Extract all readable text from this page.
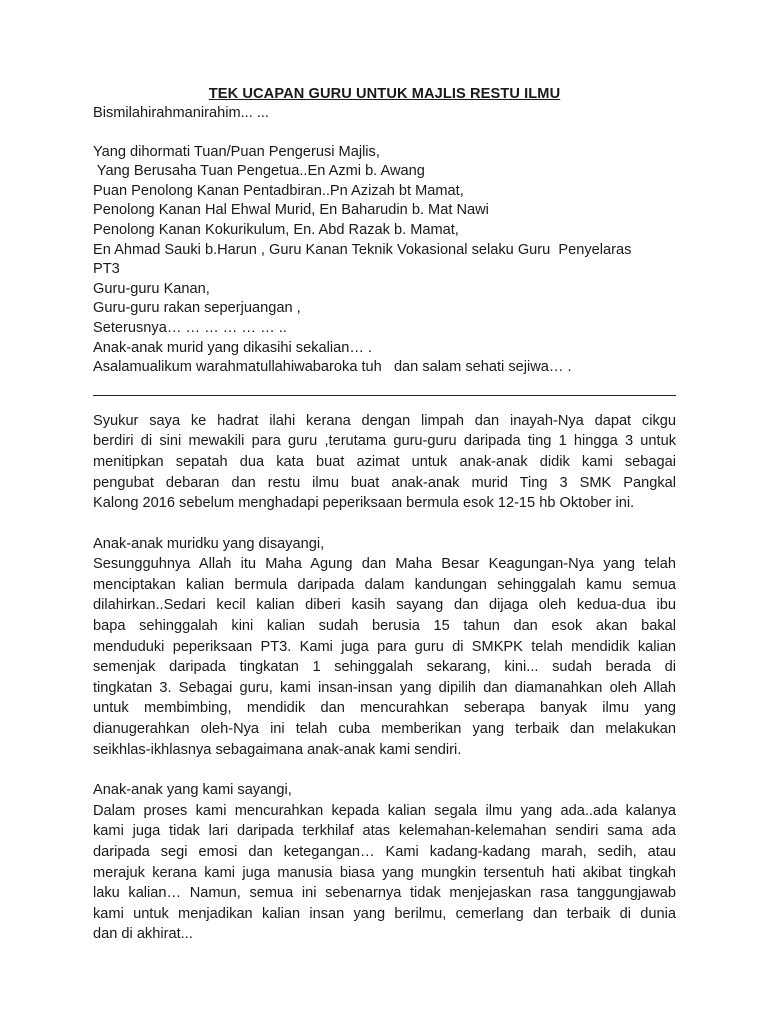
TEK UCAPAN GURU UNTUK MAJLIS RESTU ILMU

Bismilahirahmanirahim... ...
Yang dihormati Tuan/Puan Pengerusi Majlis,
Yang Berusaha Tuan Pengetua..En Azmi b. Awang
Puan Penolong Kanan Pentadbiran..Pn Azizah bt Mamat,
Penolong Kanan Hal Ehwal Murid, En Baharudin b. Mat Nawi
Penolong Kanan Kokurikulum, En. Abd Razak b. Mamat,
En Ahmad Sauki b.Harun , Guru Kanan Teknik Vokasional selaku Guru  Penyelaras
PT3
Guru-guru Kanan,
Guru-guru rakan seperjuangan ,
Seterusnya… … … … … … ..
Anak-anak murid yang dikasihi sekalian… .
Asalamualikum warahmatullahiwabaroka tuh   dan salam sehati sejiwa… .
Syukur saya ke hadrat ilahi kerana dengan limpah dan inayah-Nya dapat cikgu
berdiri di sini mewakili para guru ,terutama guru-guru daripada ting 1 hingga 3 untuk
menitipkan sepatah dua kata buat azimat untuk anak-anak didik kami sebagai
pengubat debaran dan restu ilmu buat anak-anak murid Ting 3 SMK Pangkal
Kalong 2016 sebelum menghadapi peperiksaan bermula esok 12-15 hb Oktober ini.
Anak-anak muridku yang disayangi,
Sesungguhnya Allah itu Maha Agung dan Maha Besar Keagungan-Nya yang telah
menciptakan kalian bermula daripada dalam kandungan sehinggalah kamu semua
dilahirkan..Sedari kecil kalian diberi kasih sayang dan dijaga oleh kedua-dua ibu
bapa sehinggalah kini kalian sudah berusia 15 tahun dan esok akan bakal
menduduki peperiksaan PT3. Kami juga para guru di SMKPK telah mendidik kalian
semenjak daripada tingkatan 1 sehinggalah sekarang, kini... sudah berada di
tingkatan 3. Sebagai guru, kami insan-insan yang dipilih dan diamanahkan oleh Allah
untuk membimbing, mendidik dan mencurahkan seberapa banyak ilmu yang
dianugerahkan oleh-Nya ini telah cuba memberikan yang terbaik dan melakukan
seikhlas-ikhlasnya sebagaimana anak-anak kami sendiri.
Anak-anak yang kami sayangi,
Dalam proses kami mencurahkan kepada kalian segala ilmu yang ada..ada kalanya
kami juga tidak lari daripada terkhilaf atas kelemahan-kelemahan sendiri sama ada
daripada segi emosi dan ketegangan… Kami kadang-kadang marah, sedih, atau
merajuk kerana kami juga manusia biasa yang mungkin tersentuh hati akibat tingkah
laku kalian… Namun, semua ini sebenarnya tidak menjejaskan rasa tanggungjawab
kami untuk menjadikan kalian insan yang berilmu, cemerlang dan terbaik di dunia
dan di akhirat...
